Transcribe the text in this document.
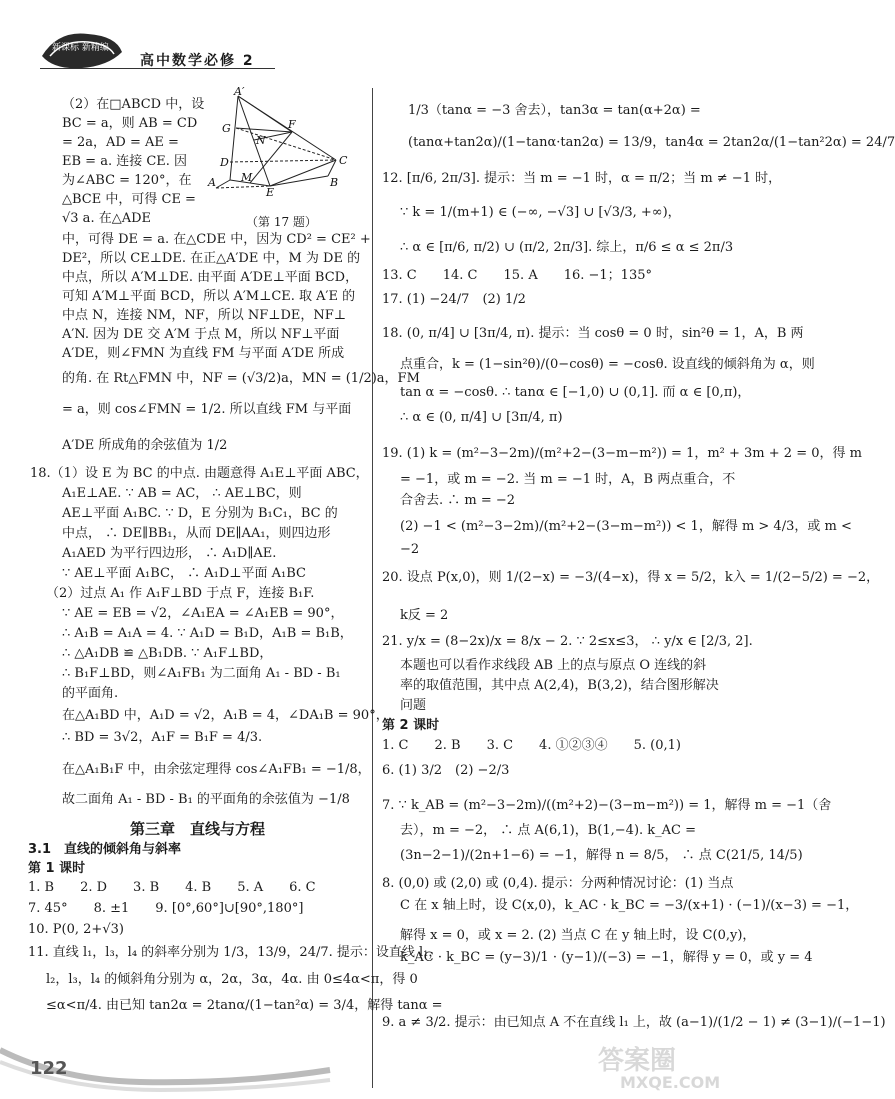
新课标 新精编
高中数学必修 2
A′
G
N
F
D	C
A M
E
B
（第 17 题）
（2）在□ABCD 中，设
BC = a，则 AB = CD
= 2a，AD = AE =
EB = a. 连接 CE. 因
为∠ABC = 120°，在
△BCE 中，可得 CE =
√3 a. 在△ADE
中，可得 DE = a. 在△CDE 中，因为 CD² = CE² +
DE²，所以 CE⊥DE. 在正△A′DE 中，M 为 DE 的
中点，所以 A′M⊥DE. 由平面 A′DE⊥平面 BCD，
可知 A′M⊥平面 BCD，所以 A′M⊥CE. 取 A′E 的
中点 N，连接 NM，NF，所以 NF⊥DE，NF⊥
A′N. 因为 DE 交 A′M 于点 M，所以 NF⊥平面
A′DE，则∠FMN 为直线 FM 与平面 A′DE 所成
的角. 在 Rt△FMN 中，NF = (√3/2)a，MN = (1/2)a，FM
= a，则 cos∠FMN = 1/2. 所以直线 FM 与平面
A′DE 所成角的余弦值为 1/2
18.（1）设 E 为 BC 的中点. 由题意得 A₁E⊥平面 ABC，
A₁E⊥AE. ∵ AB = AC， ∴ AE⊥BC，则
AE⊥平面 A₁BC. ∵ D，E 分别为 B₁C₁，BC 的
中点， ∴ DE∥BB₁，从而 DE∥AA₁，则四边形
A₁AED 为平行四边形， ∴ A₁D∥AE.
∵ AE⊥平面 A₁BC， ∴ A₁D⊥平面 A₁BC
（2）过点 A₁ 作 A₁F⊥BD 于点 F，连接 B₁F.
∵ AE = EB = √2，∠A₁EA = ∠A₁EB = 90°，
∴ A₁B = A₁A = 4. ∵ A₁D = B₁D，A₁B = B₁B，
∴ △A₁DB ≌ △B₁DB. ∵ A₁F⊥BD，
∴ B₁F⊥BD，则∠A₁FB₁ 为二面角 A₁ - BD - B₁
的平面角.
在△A₁BD 中，A₁D = √2，A₁B = 4，∠DA₁B = 90°，
∴ BD = 3√2，A₁F = B₁F = 4/3.
在△A₁B₁F 中，由余弦定理得 cos∠A₁FB₁ = −1/8，
故二面角 A₁ - BD - B₁ 的平面角的余弦值为 −1/8
第三章　直线与方程
3.1　直线的倾斜角与斜率
第 1 课时
1. B　　2. D　　3. B　　4. B　　5. A　　6. C
7. 45°　　8. ±1　　9. [0°,60°]∪[90°,180°]
10. P(0, 2+√3)
11. 直线 l₁，l₃，l₄ 的斜率分别为 1/3，13/9，24/7. 提示：设直线 l₁，
l₂，l₃，l₄ 的倾斜角分别为 α，2α，3α，4α. 由 0≤4α<π，得 0
≤α<π/4. 由已知 tan2α = 2tanα/(1−tan²α) = 3/4，解得 tanα =
1/3（tanα = −3 舍去），tan3α = tan(α+2α) =
(tanα+tan2α)/(1−tanα·tan2α) = 13/9，tan4α = 2tan2α/(1−tan²2α) = 24/7
12. [π/6, 2π/3]. 提示：当 m = −1 时，α = π/2；当 m ≠ −1 时，
∵ k = 1/(m+1) ∈ (−∞, −√3] ∪ [√3/3, +∞)，
∴ α ∈ [π/6, π/2) ∪ (π/2, 2π/3]. 综上，π/6 ≤ α ≤ 2π/3
13. C　　14. C　　15. A　　16. −1；135°
17. (1) −24/7　(2) 1/2
18. (0, π/4] ∪ [3π/4, π). 提示：当 cosθ = 0 时，sin²θ = 1，A，B 两
点重合，k = (1−sin²θ)/(0−cosθ) = −cosθ. 设直线的倾斜角为 α，则
tan α = −cosθ. ∴ tanα ∈ [−1,0) ∪ (0,1]. 而 α ∈ [0,π)，
∴ α ∈ (0, π/4] ∪ [3π/4, π)
19. (1) k = (m²−3−2m)/(m²+2−(3−m−m²)) = 1，m² + 3m + 2 = 0，得 m
= −1，或 m = −2. 当 m = −1 时，A，B 两点重合，不
合舍去. ∴ m = −2
(2) −1 < (m²−3−2m)/(m²+2−(3−m−m²)) < 1，解得 m > 4/3，或 m <
−2
20. 设点 P(x,0)，则 1/(2−x) = −3/(4−x)，得 x = 5/2，k入 = 1/(2−5/2) = −2，
k反 = 2
21. y/x = (8−2x)/x = 8/x − 2. ∵ 2≤x≤3， ∴ y/x ∈ [2/3, 2].
本题也可以看作求线段 AB 上的点与原点 O 连线的斜
率的取值范围，其中点 A(2,4)，B(3,2)，结合图形解决
问题
第 2 课时
1. C　　2. B　　3. C　　4. ①②③④　　5. (0,1)
6. (1) 3/2　(2) −2/3
7. ∵ k_AB = (m²−3−2m)/((m²+2)−(3−m−m²)) = 1，解得 m = −1（舍
去），m = −2， ∴ 点 A(6,1)，B(1,−4). k_AC =
(3n−2−1)/(2n+1−6) = −1，解得 n = 8/5， ∴ 点 C(21/5, 14/5)
8. (0,0) 或 (2,0) 或 (0,4). 提示：分两种情况讨论：(1) 当点
C 在 x 轴上时，设 C(x,0)，k_AC · k_BC = −3/(x+1) · (−1)/(x−3) = −1，
解得 x = 0，或 x = 2. (2) 当点 C 在 y 轴上时，设 C(0,y)，
k_AC · k_BC = (y−3)/1 · (y−1)/(−3) = −1，解得 y = 0，或 y = 4
9. a ≠ 3/2. 提示：由已知点 A 不在直线 l₁ 上，故 (a−1)/(1/2 − 1) ≠ (3−1)/(−1−1)
122	答案圈
MXQE.COM
